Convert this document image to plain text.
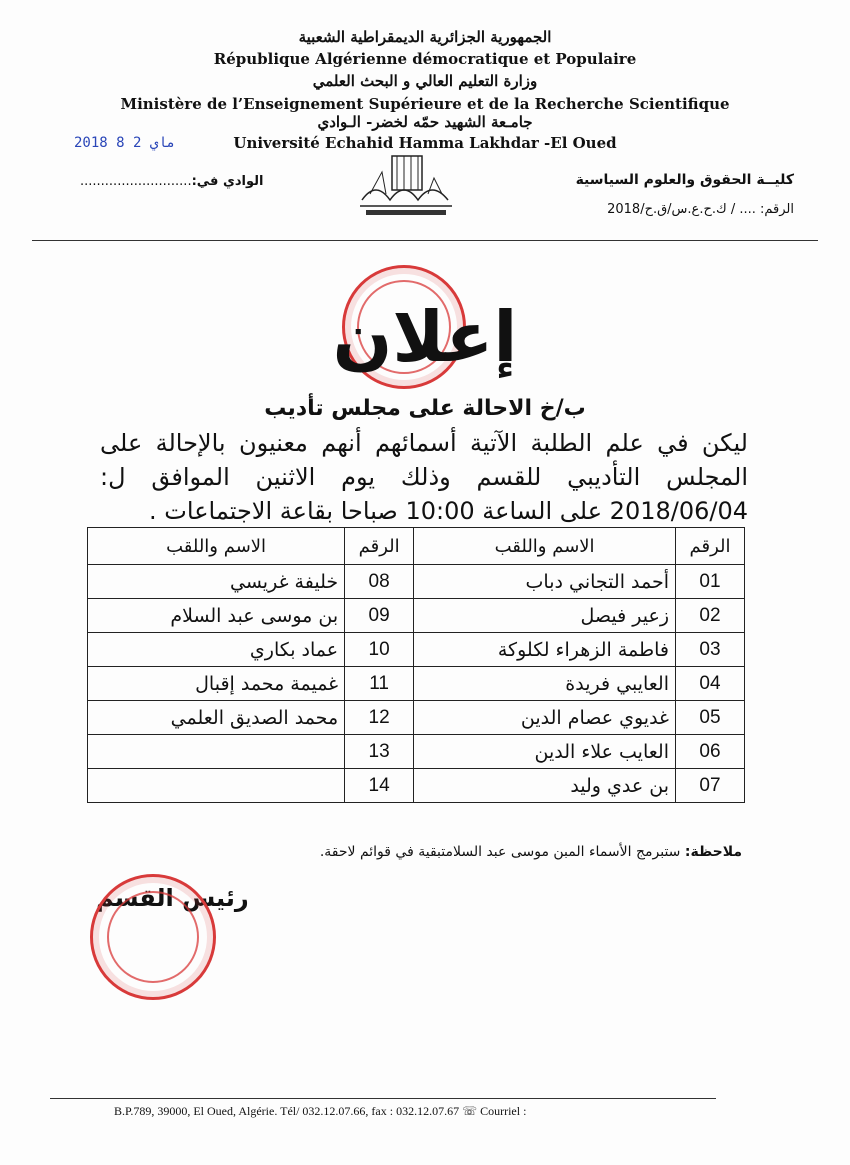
الجمهورية الجزائرية الديمقراطية الشعبية
République Algérienne démocratique et Populaire
وزارة التعليم العالي و البحث العلمي
Ministère de l’Enseignement Supérieure et de la Recherche Scientifique
جامـعة الشهيد حمّه لخضر- الـوادي
Université Echahid Hamma Lakhdar -El Oued
2018 ماي 2 8
كليــة الحقوق والعلوم السياسية
...........................الوادي في:
الرقم: .... / ك.ح.ع.س/ق.ح/2018
إعلان
ب/خ الاحالة على مجلس تأديب
ليكن في علم الطلبة الآتية أسمائهم أنهم معنيون بالإحالة على المجلس التأديبي للقسم وذلك يوم الاثنين الموافق ل: 2018/06/04 على الساعة 10:00 صباحا بقاعة الاجتماعات .
الرقم	الاسم واللقب	الرقم	الاسم واللقب
01	أحمد التجاني دباب	08	خليفة غريسي
02	زعير فيصل	09	بن موسى عبد السلام
03	فاطمة الزهراء لكلوكة	10	عماد بكاري
04	العايبي فريدة	11	غميمة محمد إقبال
05	غديوي عصام الدين	12	محمد الصديق العلمي
06	العايب علاء الدين	13	
07	بن عدي وليد	14	
ملاحظة: ستبرمج الأسماء المبن موسى عبد السلامتبقية في قوائم لاحقة.
رئيس القسم
B.P.789, 39000, El Oued, Algérie. Tél/ 032.12.07.66, fax : 032.12.07.67 ☏ Courriel :
